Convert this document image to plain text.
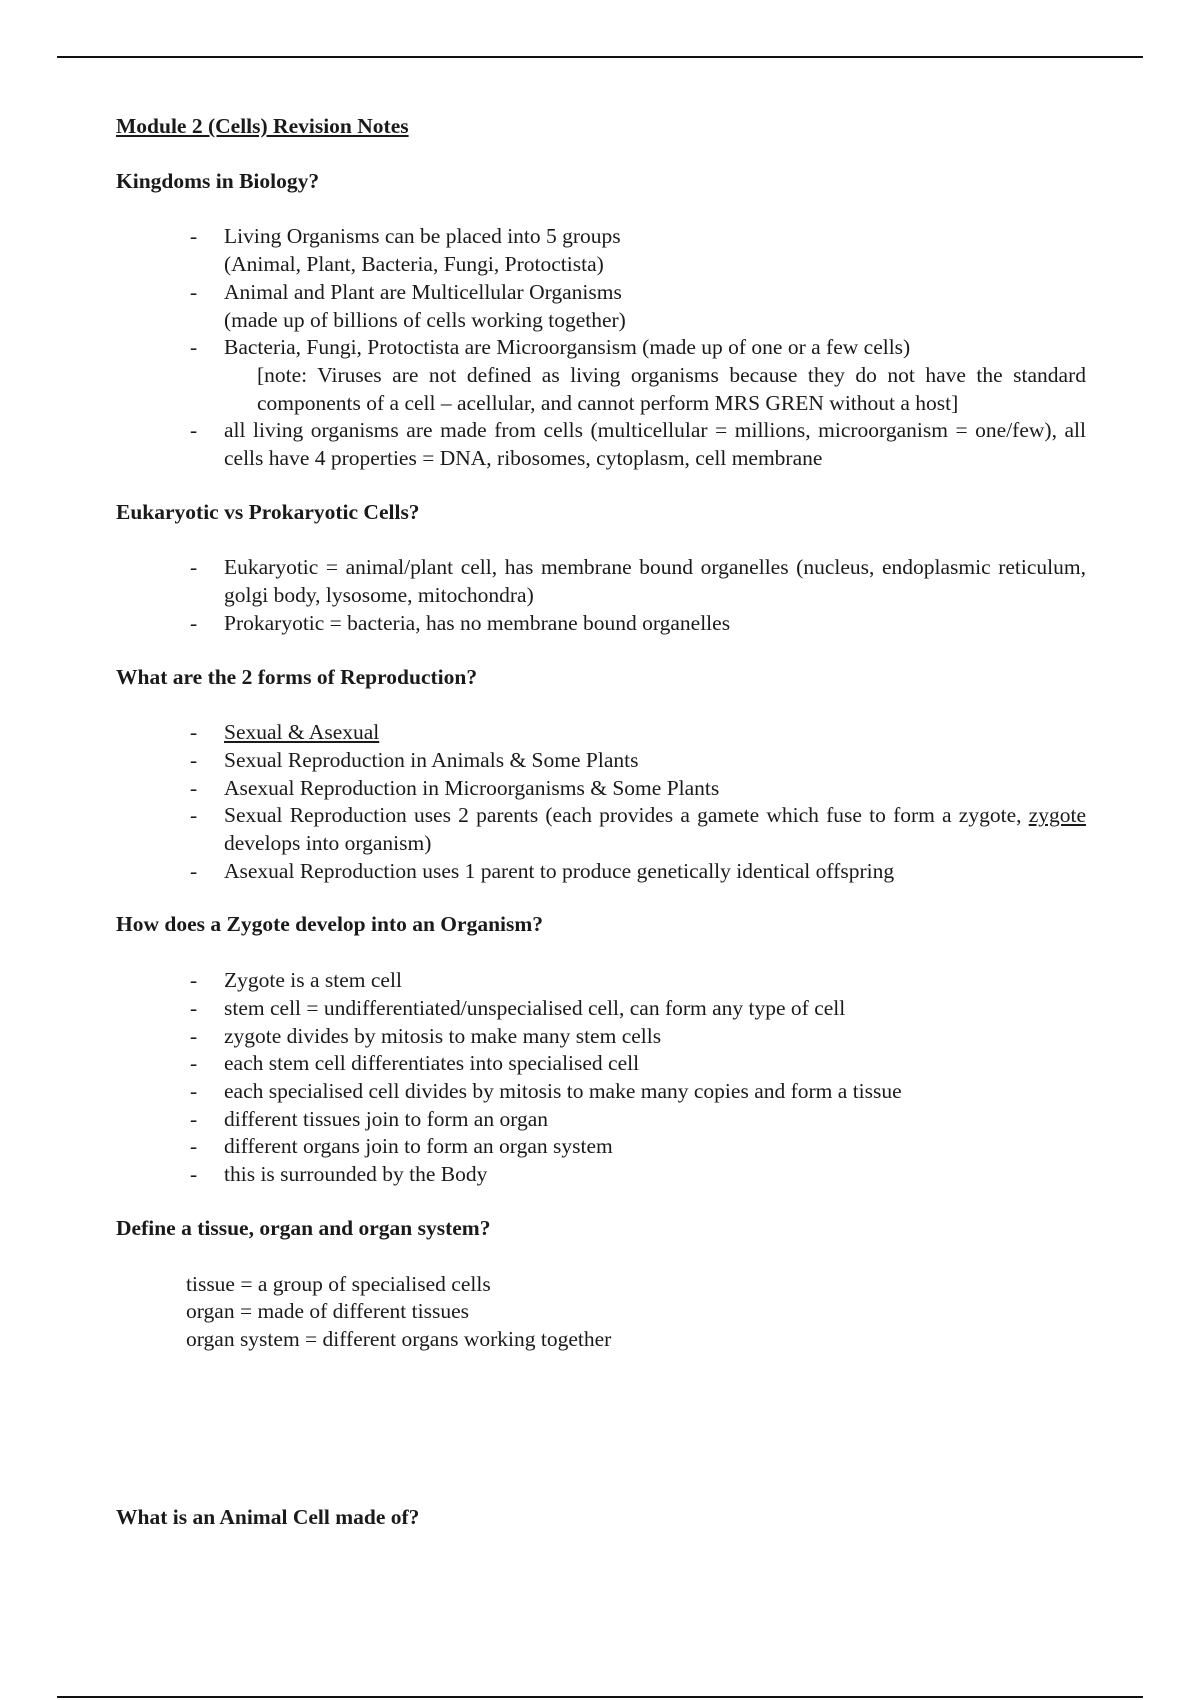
Module 2 (Cells) Revision Notes
Kingdoms in Biology?
- Living Organisms can be placed into 5 groups
(Animal, Plant, Bacteria, Fungi, Protoctista)
- Animal and Plant are Multicellular Organisms
(made up of billions of cells working together)
- Bacteria, Fungi, Protoctista are Microorgansism (made up of one or a few cells)
[note: Viruses are not defined as living organisms because they do not have the standard components of a cell – acellular, and cannot perform MRS GREN without a host]
- all living organisms are made from cells (multicellular = millions, microorganism = one/few), all cells have 4 properties = DNA, ribosomes, cytoplasm, cell membrane
Eukaryotic vs Prokaryotic Cells?
- Eukaryotic = animal/plant cell, has membrane bound organelles (nucleus, endoplasmic reticulum, golgi body, lysosome, mitochondra)
- Prokaryotic = bacteria, has no membrane bound organelles
What are the 2 forms of Reproduction?
- Sexual & Asexual
- Sexual Reproduction in Animals & Some Plants
- Asexual Reproduction in Microorganisms & Some Plants
- Sexual Reproduction uses 2 parents (each provides a gamete which fuse to form a zygote, zygote develops into organism)
- Asexual Reproduction uses 1 parent to produce genetically identical offspring
How does a Zygote develop into an Organism?
- Zygote is a stem cell
- stem cell = undifferentiated/unspecialised cell, can form any type of cell
- zygote divides by mitosis to make many stem cells
- each stem cell differentiates into specialised cell
- each specialised cell divides by mitosis to make many copies and form a tissue
- different tissues join to form an organ
- different organs join to form an organ system
- this is surrounded by the Body
Define a tissue, organ and organ system?
tissue = a group of specialised cells
organ = made of different tissues
organ system = different organs working together
What is an Animal Cell made of?
